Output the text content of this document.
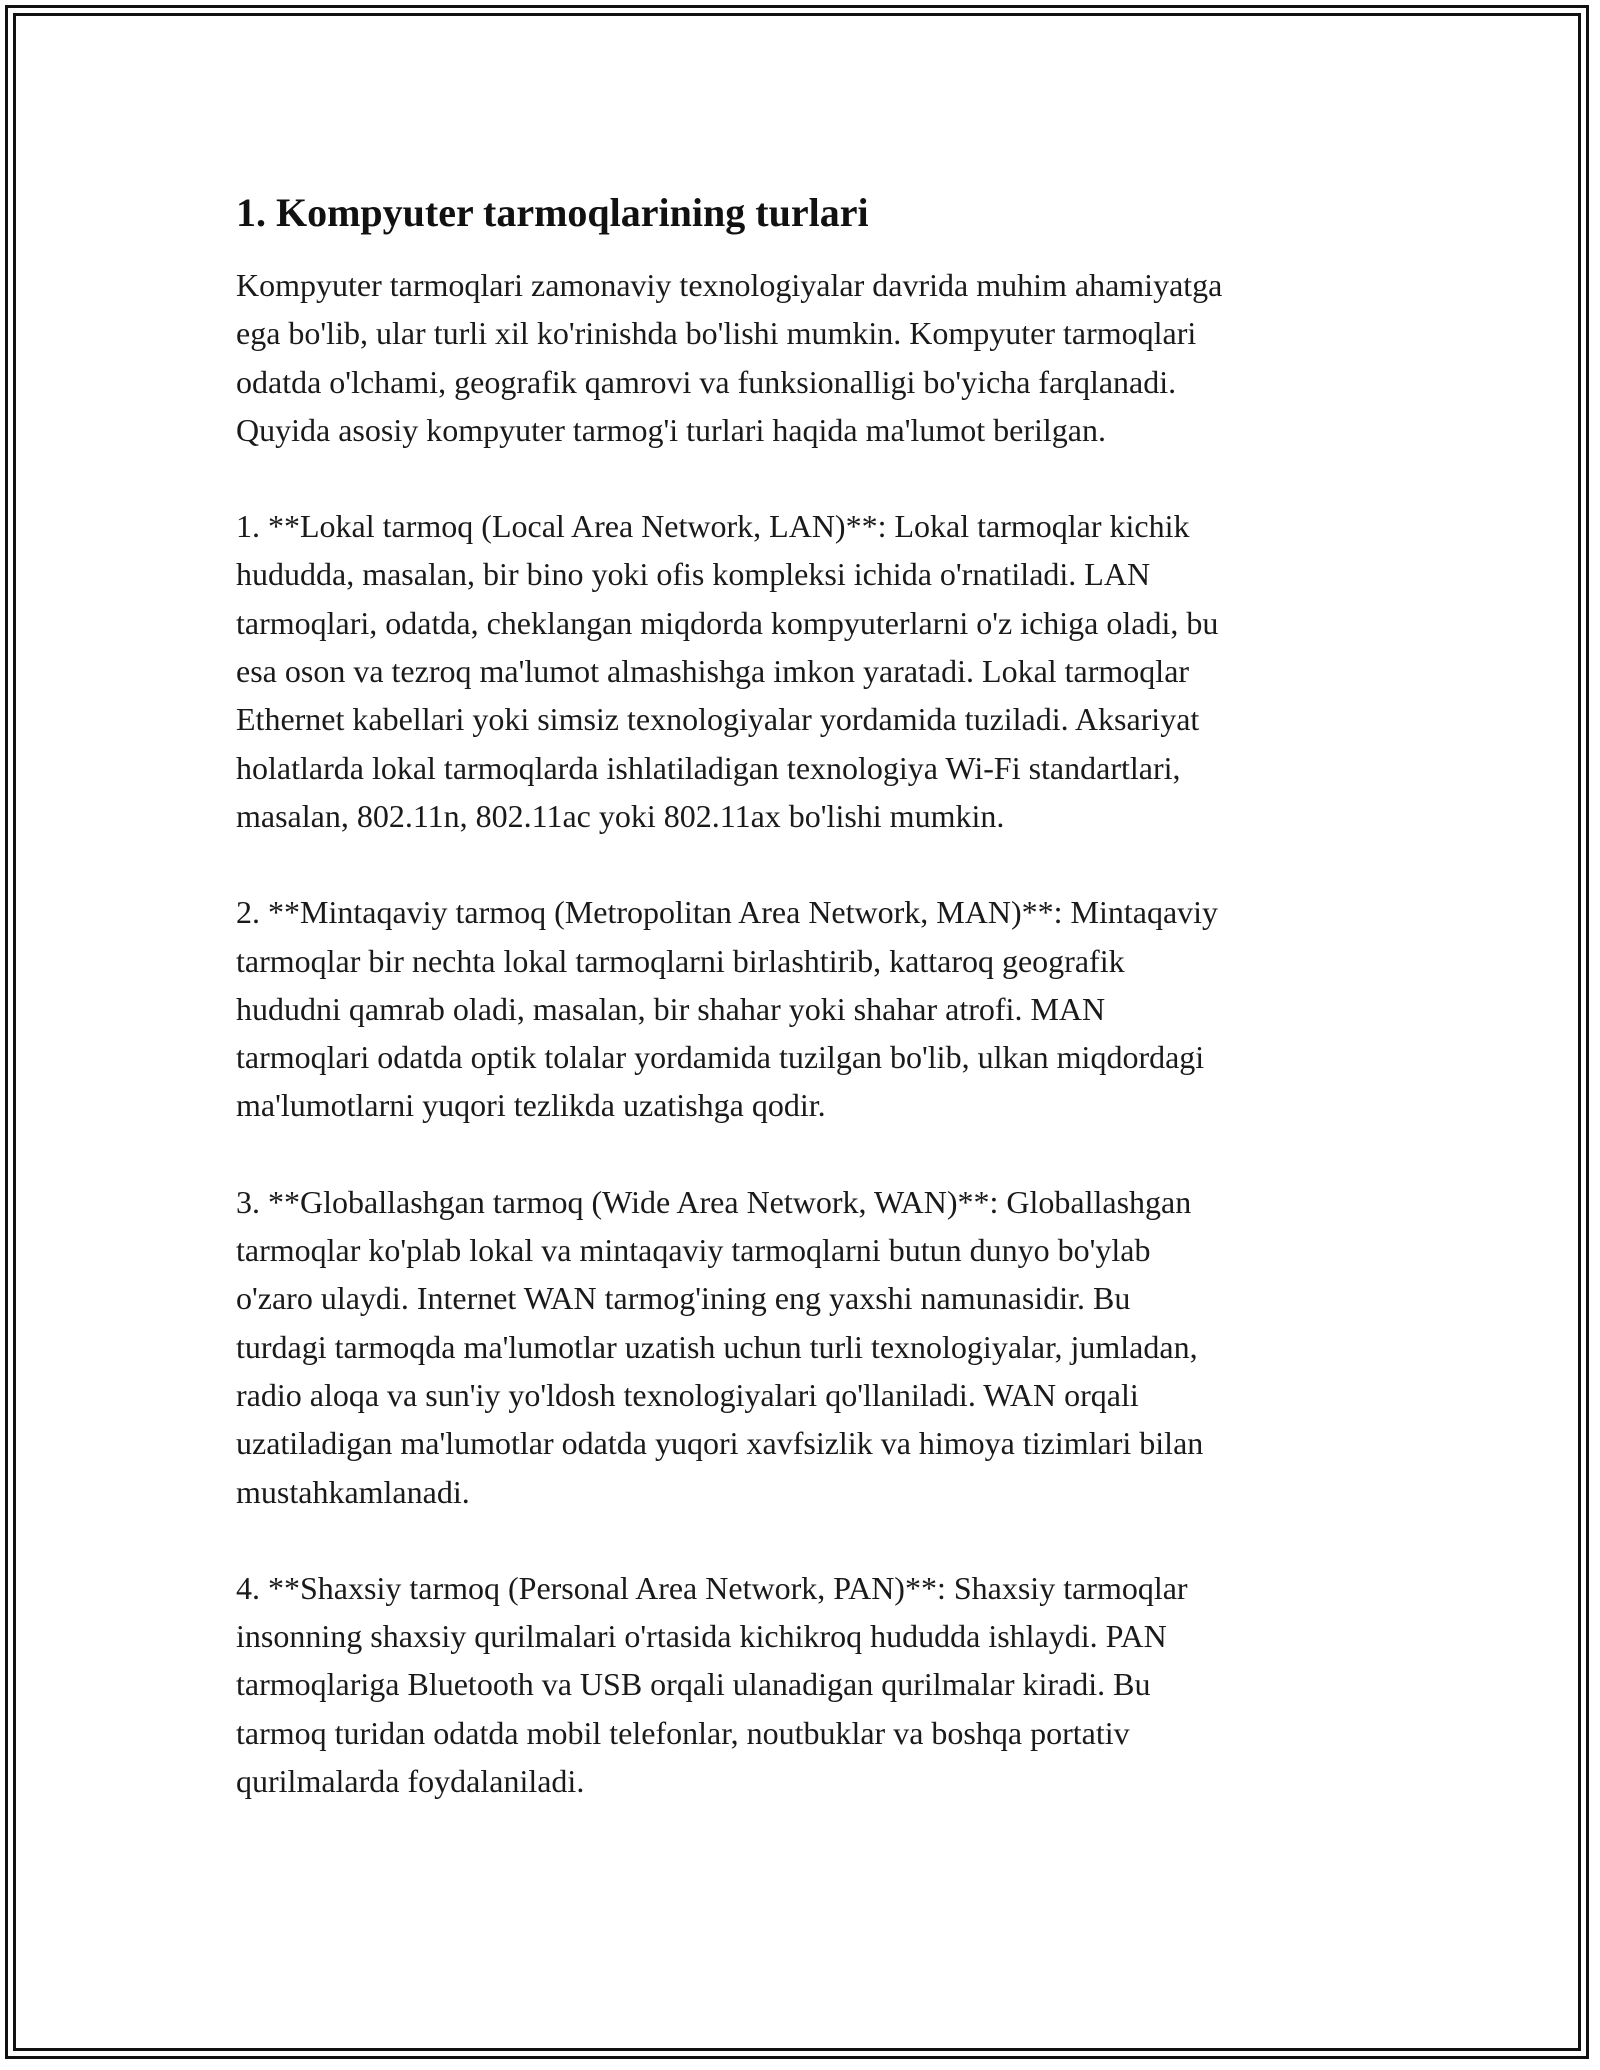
1. Kompyuter tarmoqlarining turlari

Kompyuter tarmoqlari zamonaviy texnologiyalar davrida muhim ahamiyatga
ega bo'lib, ular turli xil ko'rinishda bo'lishi mumkin. Kompyuter tarmoqlari
odatda o'lchami, geografik qamrovi va funksionalligi bo'yicha farqlanadi.
Quyida asosiy kompyuter tarmog'i turlari haqida ma'lumot berilgan.

1. **Lokal tarmoq (Local Area Network, LAN)**: Lokal tarmoqlar kichik
hududda, masalan, bir bino yoki ofis kompleksi ichida o'rnatiladi. LAN
tarmoqlari, odatda, cheklangan miqdorda kompyuterlarni o'z ichiga oladi, bu
esa oson va tezroq ma'lumot almashishga imkon yaratadi. Lokal tarmoqlar
Ethernet kabellari yoki simsiz texnologiyalar yordamida tuziladi. Aksariyat
holatlarda lokal tarmoqlarda ishlatiladigan texnologiya Wi-Fi standartlari,
masalan, 802.11n, 802.11ac yoki 802.11ax bo'lishi mumkin.

2. **Mintaqaviy tarmoq (Metropolitan Area Network, MAN)**: Mintaqaviy
tarmoqlar bir nechta lokal tarmoqlarni birlashtirib, kattaroq geografik
hududni qamrab oladi, masalan, bir shahar yoki shahar atrofi. MAN
tarmoqlari odatda optik tolalar yordamida tuzilgan bo'lib, ulkan miqdordagi
ma'lumotlarni yuqori tezlikda uzatishga qodir.

3. **Globallashgan tarmoq (Wide Area Network, WAN)**: Globallashgan
tarmoqlar ko'plab lokal va mintaqaviy tarmoqlarni butun dunyo bo'ylab
o'zaro ulaydi. Internet WAN tarmog'ining eng yaxshi namunasidir. Bu
turdagi tarmoqda ma'lumotlar uzatish uchun turli texnologiyalar, jumladan,
radio aloqa va sun'iy yo'ldosh texnologiyalari qo'llaniladi. WAN orqali
uzatiladigan ma'lumotlar odatda yuqori xavfsizlik va himoya tizimlari bilan
mustahkamlanadi.

4. **Shaxsiy tarmoq (Personal Area Network, PAN)**: Shaxsiy tarmoqlar
insonning shaxsiy qurilmalari o'rtasida kichikroq hududda ishlaydi. PAN
tarmoqlariga Bluetooth va USB orqali ulanadigan qurilmalar kiradi. Bu
tarmoq turidan odatda mobil telefonlar, noutbuklar va boshqa portativ
qurilmalarda foydalaniladi.
